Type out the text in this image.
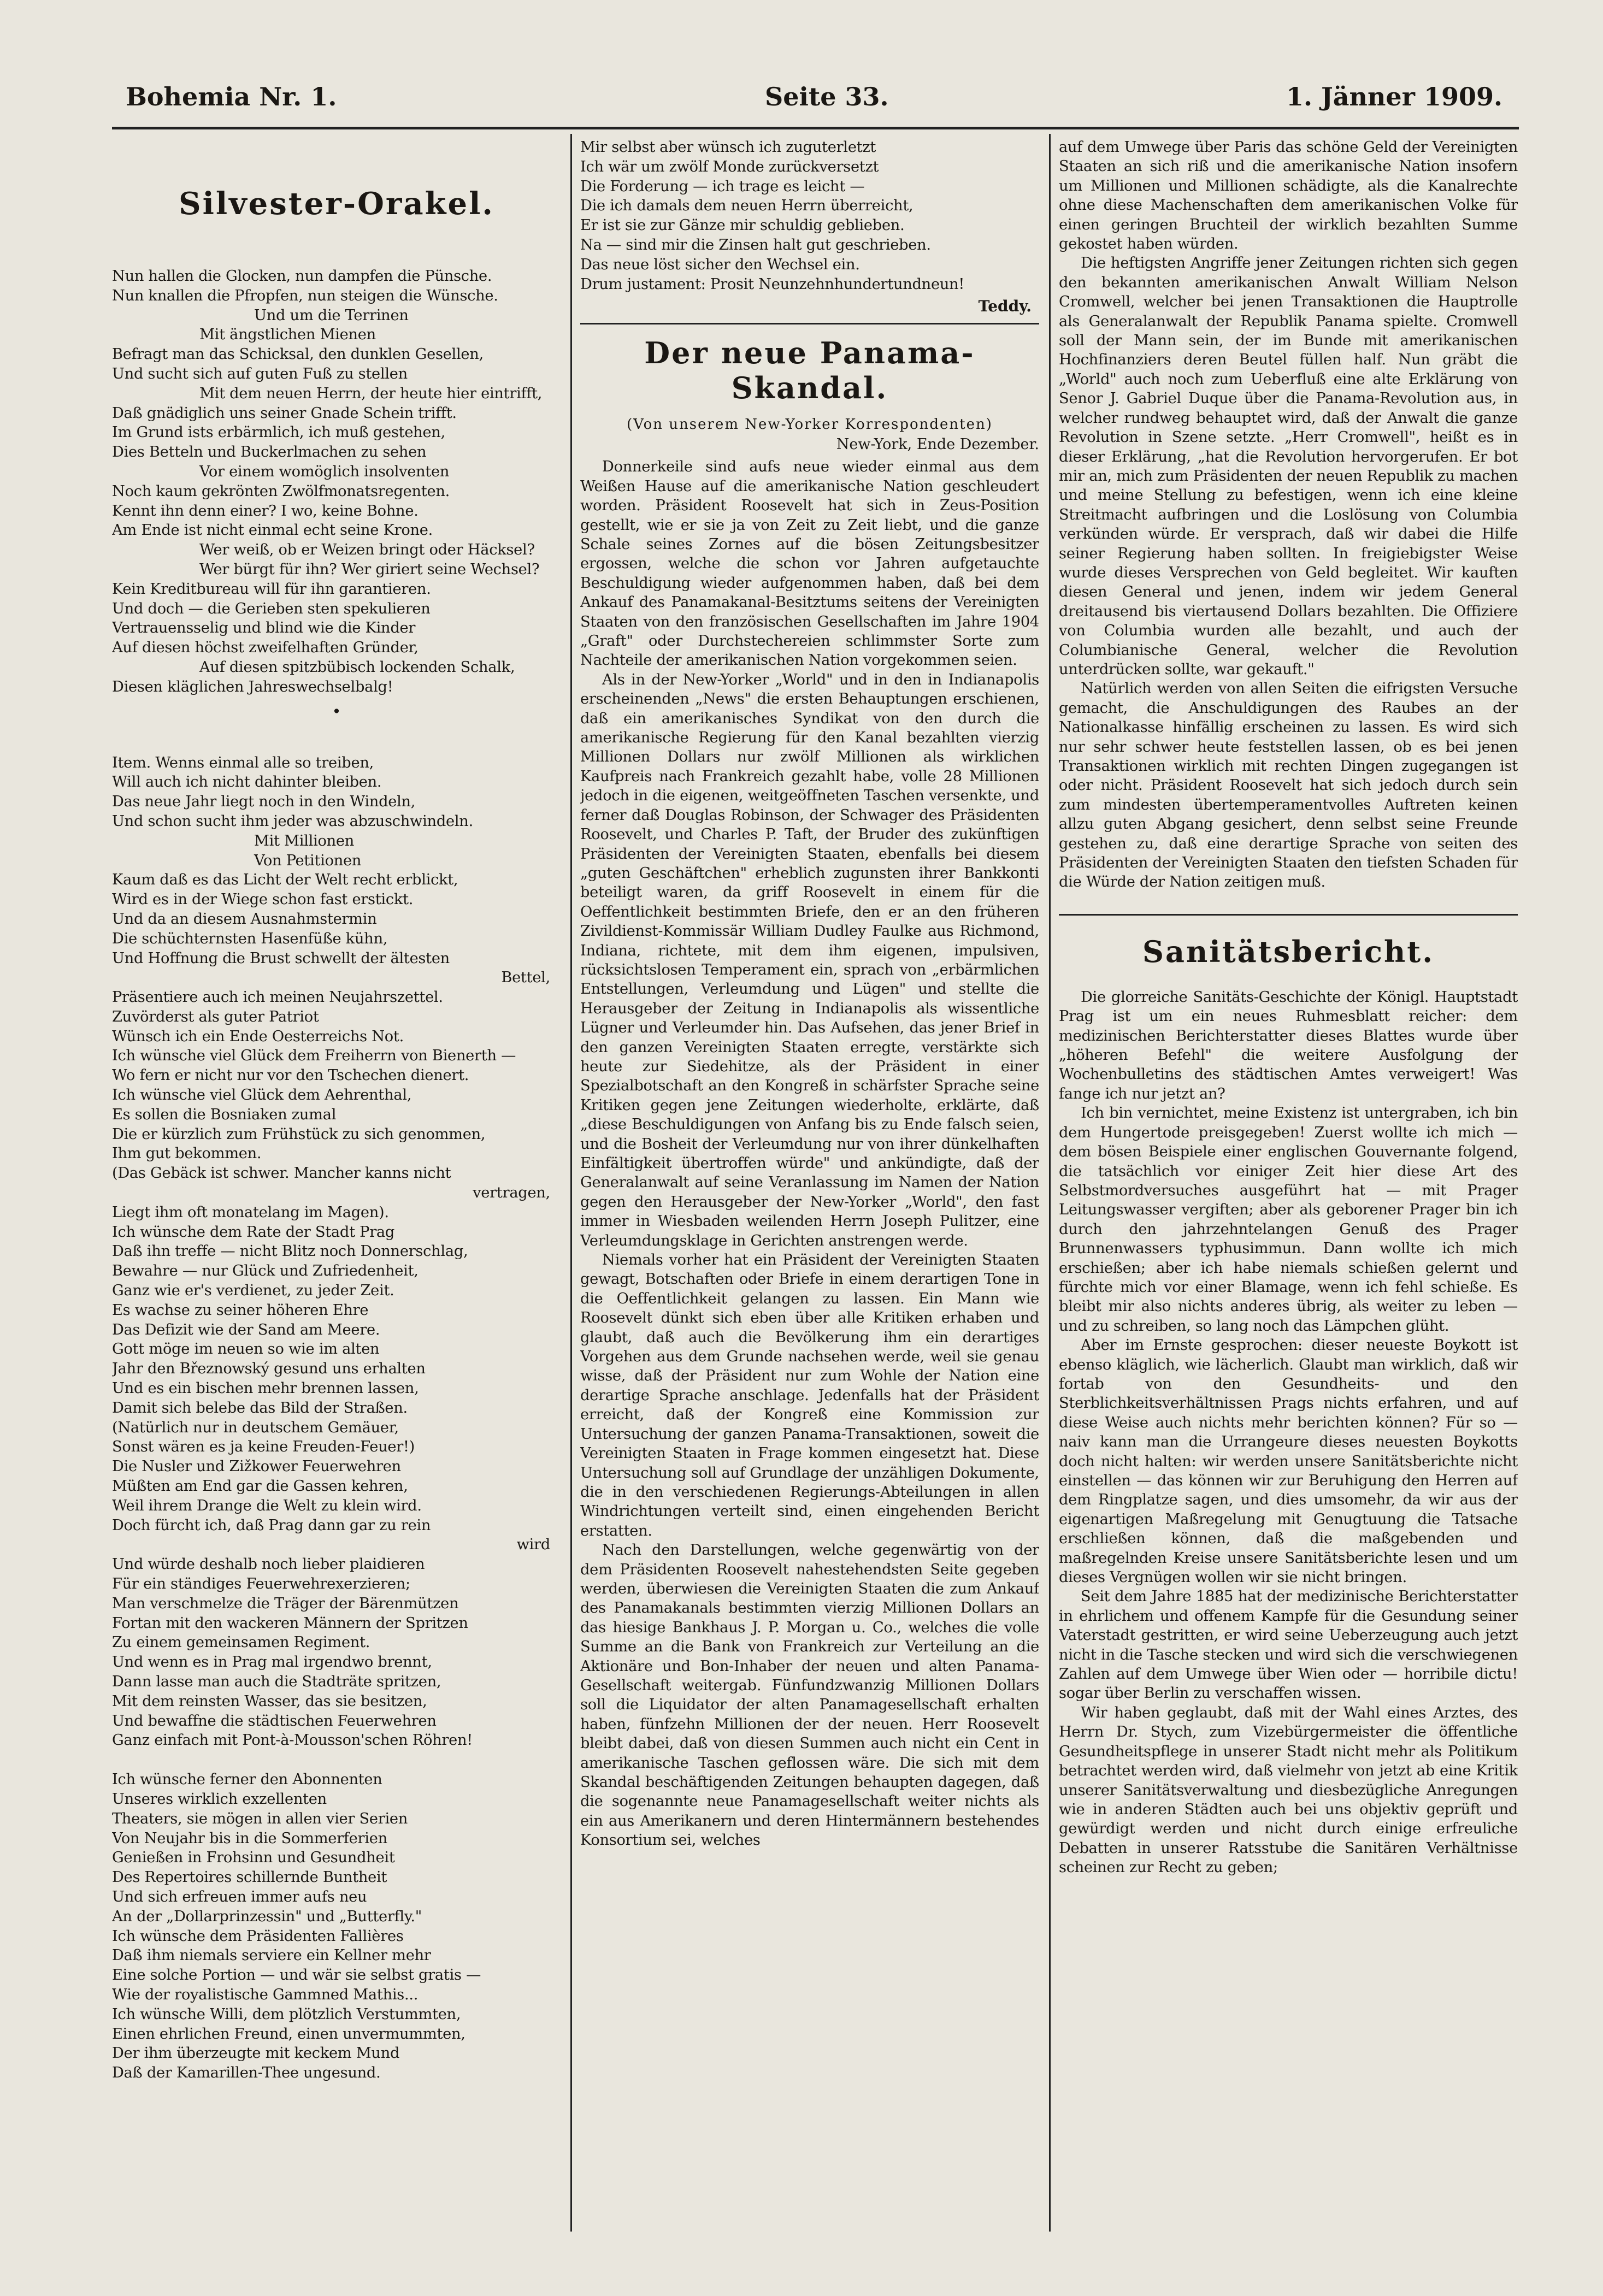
Bohemia Nr. 1.	Seite 33.	1. Jänner 1909.
Silvester-Orakel.
Nun hallen die Glocken, nun dampfen die Pünsche.
Nun knallen die Pfropfen, nun steigen die Wünsche.
Und um die Terrinen
Mit ängstlichen Mienen
Befragt man das Schicksal, den dunklen Gesellen,
Und sucht sich auf guten Fuß zu stellen
Mit dem neuen Herrn, der heute hier eintrifft,
Daß gnädiglich uns seiner Gnade Schein trifft.
Im Grund ists erbärmlich, ich muß gestehen,
Dies Betteln und Buckerlmachen zu sehen
Vor einem womöglich insolventen
Noch kaum gekrönten Zwölfmonatsregenten.
Kennt ihn denn einer? I wo, keine Bohne.
Am Ende ist nicht einmal echt seine Krone.
Wer weiß, ob er Weizen bringt oder Häcksel?
Wer bürgt für ihn? Wer giriert seine Wechsel?
Kein Kreditbureau will für ihn garantieren.
Und doch — die Gerieben sten spekulieren
Vertrauensselig und blind wie die Kinder
Auf diesen höchst zweifelhaften Gründer,
Auf diesen spitzbübisch lockenden Schalk,
Diesen kläglichen Jahreswechselbalg!
•
Item. Wenns einmal alle so treiben,
Will auch ich nicht dahinter bleiben.
Das neue Jahr liegt noch in den Windeln,
Und schon sucht ihm jeder was abzuschwindeln.
Mit Millionen
Von Petitionen
Kaum daß es das Licht der Welt recht erblickt,
Wird es in der Wiege schon fast erstickt.
Und da an diesem Ausnahmstermin
Die schüchternsten Hasenfüße kühn,
Und Hoffnung die Brust schwellt der ältesten
Bettel,
Präsentiere auch ich meinen Neujahrszettel.
Zuvörderst als guter Patriot
Wünsch ich ein Ende Oesterreichs Not.
Ich wünsche viel Glück dem Freiherrn von Bienerth —
Wo fern er nicht nur vor den Tschechen dienert.
Ich wünsche viel Glück dem Aehrenthal,
Es sollen die Bosniaken zumal
Die er kürzlich zum Frühstück zu sich genommen,
Ihm gut bekommen.
(Das Gebäck ist schwer. Mancher kanns nicht
vertragen,
Liegt ihm oft monatelang im Magen).
Ich wünsche dem Rate der Stadt Prag
Daß ihn treffe — nicht Blitz noch Donnerschlag,
Bewahre — nur Glück und Zufriedenheit,
Ganz wie er's verdienet, zu jeder Zeit.
Es wachse zu seiner höheren Ehre
Das Defizit wie der Sand am Meere.
Gott möge im neuen so wie im alten
Jahr den Březnowský gesund uns erhalten
Und es ein bischen mehr brennen lassen,
Damit sich belebe das Bild der Straßen.
(Natürlich nur in deutschem Gemäuer,
Sonst wären es ja keine Freuden-Feuer!)
Die Nusler und Zižkower Feuerwehren
Müßten am End gar die Gassen kehren,
Weil ihrem Drange die Welt zu klein wird.
Doch fürcht ich, daß Prag dann gar zu rein
wird
Und würde deshalb noch lieber plaidieren
Für ein ständiges Feuerwehrexerzieren;
Man verschmelze die Träger der Bärenmützen
Fortan mit den wackeren Männern der Spritzen
Zu einem gemeinsamen Regiment.
Und wenn es in Prag mal irgendwo brennt,
Dann lasse man auch die Stadträte spritzen,
Mit dem reinsten Wasser, das sie besitzen,
Und bewaffne die städtischen Feuerwehren
Ganz einfach mit Pont-à-Mousson'schen Röhren!
Ich wünsche ferner den Abonnenten
Unseres wirklich exzellenten
Theaters, sie mögen in allen vier Serien
Von Neujahr bis in die Sommerferien
Genießen in Frohsinn und Gesundheit
Des Repertoires schillernde Buntheit
Und sich erfreuen immer aufs neu
An der „Dollarprinzessin" und „Butterfly."
Ich wünsche dem Präsidenten Fallières
Daß ihm niemals serviere ein Kellner mehr
Eine solche Portion — und wär sie selbst gratis —
Wie der royalistische Gammned Mathis...
Ich wünsche Willi, dem plötzlich Verstummten,
Einen ehrlichen Freund, einen unvermummten,
Der ihm überzeugte mit keckem Mund
Daß der Kamarillen-Thee ungesund.
Mir selbst aber wünsch ich zuguterletzt
Ich wär um zwölf Monde zurückversetzt
Die Forderung — ich trage es leicht —
Die ich damals dem neuen Herrn überreicht,
Er ist sie zur Gänze mir schuldig geblieben.
Na — sind mir die Zinsen halt gut geschrieben.
Das neue löst sicher den Wechsel ein.
Drum justament: Prosit Neunzehnhundertundneun!
Teddy.
Der neue Panama-Skandal.
(Von unserem New-Yorker Korrespondenten)
New-York, Ende Dezember.

Donnerkeile sind aufs neue wieder einmal aus dem Weißen Hause auf die amerikanische Nation geschleudert worden. Präsident Roosevelt hat sich in Zeus-Position gestellt, wie er sie ja von Zeit zu Zeit liebt, und die ganze Schale seines Zornes auf die bösen Zeitungsbesitzer ergossen, welche die schon vor Jahren aufgetauchte Beschuldigung wieder aufgenommen haben, daß bei dem Ankauf des Panamakanal-Besitztums seitens der Vereinigten Staaten von den französischen Gesellschaften im Jahre 1904 „Graft" oder Durchstechereien schlimmster Sorte zum Nachteile der amerikanischen Nation vorgekommen seien.

Als in der New-Yorker „World" und in den in Indianapolis erscheinenden „News" die ersten Behauptungen erschienen, daß ein amerikanisches Syndikat von den durch die amerikanische Regierung für den Kanal bezahlten vierzig Millionen Dollars nur zwölf Millionen als wirklichen Kaufpreis nach Frankreich gezahlt habe, volle 28 Millionen jedoch in die eigenen, weitgeöffneten Taschen versenkte, und ferner daß Douglas Robinson, der Schwager des Präsidenten Roosevelt, und Charles P. Taft, der Bruder des zukünftigen Präsidenten der Vereinigten Staaten, ebenfalls bei diesem „guten Geschäftchen" erheblich zugunsten ihrer Bankkonti beteiligt waren, da griff Roosevelt in einem für die Oeffentlichkeit bestimmten Briefe, den er an den früheren Zivildienst-Kommissär William Dudley Faulke aus Richmond, Indiana, richtete, mit dem ihm eigenen, impulsiven, rücksichtslosen Temperament ein, sprach von „erbärmlichen Entstellungen, Verleumdung und Lügen" und stellte die Herausgeber der Zeitung in Indianapolis als wissentliche Lügner und Verleumder hin. Das Aufsehen, das jener Brief in den ganzen Vereinigten Staaten erregte, verstärkte sich heute zur Siedehitze, als der Präsident in einer Spezialbotschaft an den Kongreß in schärfster Sprache seine Kritiken gegen jene Zeitungen wiederholte, erklärte, daß „diese Beschuldigungen von Anfang bis zu Ende falsch seien, und die Bosheit der Verleumdung nur von ihrer dünkelhaften Einfältigkeit übertroffen würde" und ankündigte, daß der Generalanwalt auf seine Veranlassung im Namen der Nation gegen den Herausgeber der New-Yorker „World", den fast immer in Wiesbaden weilenden Herrn Joseph Pulitzer, eine Verleumdungsklage in Gerichten anstrengen werde.

Niemals vorher hat ein Präsident der Vereinigten Staaten gewagt, Botschaften oder Briefe in einem derartigen Tone in die Oeffentlichkeit gelangen zu lassen. Ein Mann wie Roosevelt dünkt sich eben über alle Kritiken erhaben und glaubt, daß auch die Bevölkerung ihm ein derartiges Vorgehen aus dem Grunde nachsehen werde, weil sie genau wisse, daß der Präsident nur zum Wohle der Nation eine derartige Sprache anschlage. Jedenfalls hat der Präsident erreicht, daß der Kongreß eine Kommission zur Untersuchung der ganzen Panama-Transaktionen, soweit die Vereinigten Staaten in Frage kommen eingesetzt hat. Diese Untersuchung soll auf Grundlage der unzähligen Dokumente, die in den verschiedenen Regierungs-Abteilungen in allen Windrichtungen verteilt sind, einen eingehenden Bericht erstatten.

Nach den Darstellungen, welche gegenwärtig von der dem Präsidenten Roosevelt nahestehendsten Seite gegeben werden, überwiesen die Vereinigten Staaten die zum Ankauf des Panamakanals bestimmten vierzig Millionen Dollars an das hiesige Bankhaus J. P. Morgan u. Co., welches die volle Summe an die Bank von Frankreich zur Verteilung an die Aktionäre und Bon-Inhaber der neuen und alten Panama-Gesellschaft weitergab. Fünfundzwanzig Millionen Dollars soll die Liquidator der alten Panamagesellschaft erhalten haben, fünfzehn Millionen der der neuen. Herr Roosevelt bleibt dabei, daß von diesen Summen auch nicht ein Cent in amerikanische Taschen geflossen wäre. Die sich mit dem Skandal beschäftigenden Zeitungen behaupten dagegen, daß die sogenannte neue Panamagesellschaft weiter nichts als ein aus Amerikanern und deren Hintermännern bestehendes Konsortium sei, welches

auf dem Umwege über Paris das schöne Geld der Vereinigten Staaten an sich riß und die amerikanische Nation insofern um Millionen und Millionen schädigte, als die Kanalrechte ohne diese Machenschaften dem amerikanischen Volke für einen geringen Bruchteil der wirklich bezahlten Summe gekostet haben würden.

Die heftigsten Angriffe jener Zeitungen richten sich gegen den bekannten amerikanischen Anwalt William Nelson Cromwell, welcher bei jenen Transaktionen die Hauptrolle als Generalanwalt der Republik Panama spielte. Cromwell soll der Mann sein, der im Bunde mit amerikanischen Hochfinanziers deren Beutel füllen half. Nun gräbt die „World" auch noch zum Ueberfluß eine alte Erklärung von Senor J. Gabriel Duque über die Panama-Revolution aus, in welcher rundweg behauptet wird, daß der Anwalt die ganze Revolution in Szene setzte. „Herr Cromwell", heißt es in dieser Erklärung, „hat die Revolution hervorgerufen. Er bot mir an, mich zum Präsidenten der neuen Republik zu machen und meine Stellung zu befestigen, wenn ich eine kleine Streitmacht aufbringen und die Loslösung von Columbia verkünden würde. Er versprach, daß wir dabei die Hilfe seiner Regierung haben sollten. In freigiebigster Weise wurde dieses Versprechen von Geld begleitet. Wir kauften diesen General und jenen, indem wir jedem General dreitausend bis viertausend Dollars bezahlten. Die Offiziere von Columbia wurden alle bezahlt, und auch der Columbianische General, welcher die Revolution unterdrücken sollte, war gekauft."

Natürlich werden von allen Seiten die eifrigsten Versuche gemacht, die Anschuldigungen des Raubes an der Nationalkasse hinfällig erscheinen zu lassen. Es wird sich nur sehr schwer heute feststellen lassen, ob es bei jenen Transaktionen wirklich mit rechten Dingen zugegangen ist oder nicht. Präsident Roosevelt hat sich jedoch durch sein zum mindesten übertemperamentvolles Auftreten keinen allzu guten Abgang gesichert, denn selbst seine Freunde gestehen zu, daß eine derartige Sprache von seiten des Präsidenten der Vereinigten Staaten den tiefsten Schaden für die Würde der Nation zeitigen muß.

Sanitätsbericht.

Die glorreiche Sanitäts-Geschichte der Königl. Hauptstadt Prag ist um ein neues Ruhmesblatt reicher: dem medizinischen Berichterstatter dieses Blattes wurde über „höheren Befehl" die weitere Ausfolgung der Wochenbulletins des städtischen Amtes verweigert! Was fange ich nur jetzt an?

Ich bin vernichtet, meine Existenz ist untergraben, ich bin dem Hungertode preisgegeben! Zuerst wollte ich mich — dem bösen Beispiele einer englischen Gouvernante folgend, die tatsächlich vor einiger Zeit hier diese Art des Selbstmordversuches ausgeführt hat — mit Prager Leitungswasser vergiften; aber als geborener Prager bin ich durch den jahrzehntelangen Genuß des Prager Brunnenwassers typhusimmun. Dann wollte ich mich erschießen; aber ich habe niemals schießen gelernt und fürchte mich vor einer Blamage, wenn ich fehl schieße. Es bleibt mir also nichts anderes übrig, als weiter zu leben — und zu schreiben, so lang noch das Lämpchen glüht.

Aber im Ernste gesprochen: dieser neueste Boykott ist ebenso kläglich, wie lächerlich. Glaubt man wirklich, daß wir fortab von den Gesundheits- und den Sterblichkeitsverhältnissen Prags nichts erfahren, und auf diese Weise auch nichts mehr berichten können? Für so — naiv kann man die Urrangeure dieses neuesten Boykotts doch nicht halten: wir werden unsere Sanitätsberichte nicht einstellen — das können wir zur Beruhigung den Herren auf dem Ringplatze sagen, und dies umsomehr, da wir aus der eigenartigen Maßregelung mit Genugtuung die Tatsache erschließen können, daß die maßgebenden und maßregelnden Kreise unsere Sanitätsberichte lesen und um dieses Vergnügen wollen wir sie nicht bringen.

Seit dem Jahre 1885 hat der medizinische Berichterstatter in ehrlichem und offenem Kampfe für die Gesundung seiner Vaterstadt gestritten, er wird seine Ueberzeugung auch jetzt nicht in die Tasche stecken und wird sich die verschwiegenen Zahlen auf dem Umwege über Wien oder — horribile dictu! sogar über Berlin zu verschaffen wissen.

Wir haben geglaubt, daß mit der Wahl eines Arztes, des Herrn Dr. Stych, zum Vizebürgermeister die öffentliche Gesundheitspflege in unserer Stadt nicht mehr als Politikum betrachtet werden wird, daß vielmehr von jetzt ab eine Kritik unserer Sanitätsverwaltung und diesbezügliche Anregungen wie in anderen Städten auch bei uns objektiv geprüft und gewürdigt werden und nicht durch einige erfreuliche Debatten in unserer Ratsstube die Sanitären Verhältnisse scheinen zur Recht zu geben;
